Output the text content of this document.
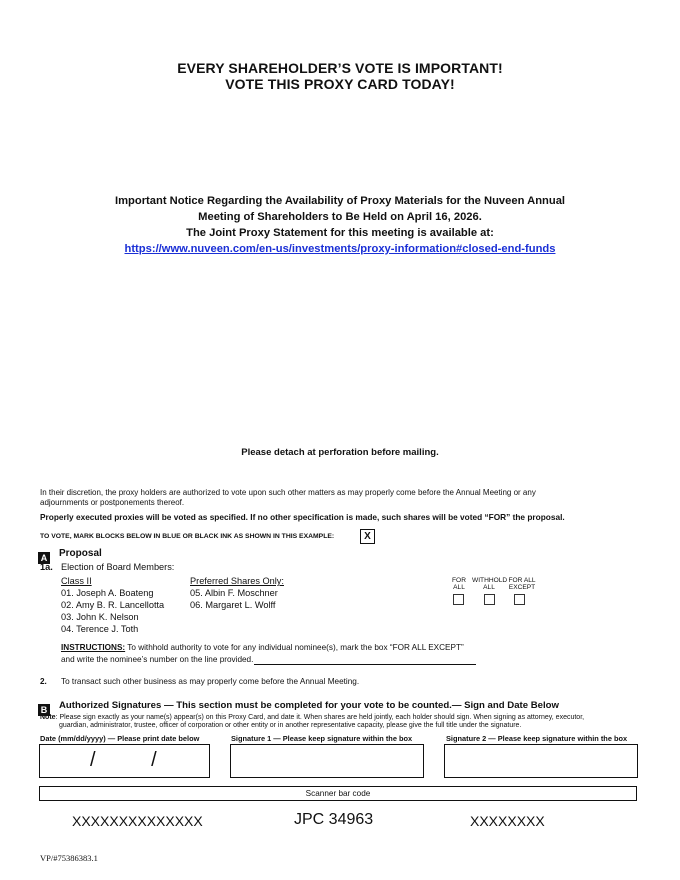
EVERY SHAREHOLDER’S VOTE IS IMPORTANT!
VOTE THIS PROXY CARD TODAY!
Important Notice Regarding the Availability of Proxy Materials for the Nuveen Annual
Meeting of Shareholders to Be Held on April 16, 2026.
The Joint Proxy Statement for this meeting is available at:
https://www.nuveen.com/en-us/investments/proxy-information#closed-end-funds
Please detach at perforation before mailing.
In their discretion, the proxy holders are authorized to vote upon such other matters as may properly come before the Annual Meeting or any
adjournments or postponements thereof.
Properly executed proxies will be voted as specified. If no other specification is made, such shares will be voted “FOR” the proposal.
TO VOTE, MARK BLOCKS BELOW IN BLUE OR BLACK INK AS SHOWN IN THIS EXAMPLE:	X
A Proposal
1a. Election of Board Members:
Class II
01. Joseph A. Boateng
02. Amy B. R. Lancellotta
03. John K. Nelson
04. Terence J. Toth
Preferred Shares Only:
05. Albin F. Moschner
06. Margaret L. Wolff
FOR
ALL
WITHHOLD
ALL
FOR ALL
EXCEPT
INSTRUCTIONS: To withhold authority to vote for any individual nominee(s), mark the box “FOR ALL EXCEPT”
and write the nominee’s number on the line provided.
2. To transact such other business as may properly come before the Annual Meeting.
B Authorized Signatures — This section must be completed for your vote to be counted.— Sign and Date Below
Note: Please sign exactly as your name(s) appear(s) on this Proxy Card, and date it. When shares are held jointly, each holder should sign. When signing as attorney, executor,
guardian, administrator, trustee, officer of corporation or other entity or in another representative capacity, please give the full title under the signature.
Date (mm/dd/yyyy) — Please print date below	Signature 1 — Please keep signature within the box	Signature 2 — Please keep signature within the box
/          /
Scanner bar code
XXXXXXXXXXXXXX	JPC 34963	XXXXXXXX
VP/#75386383.1
